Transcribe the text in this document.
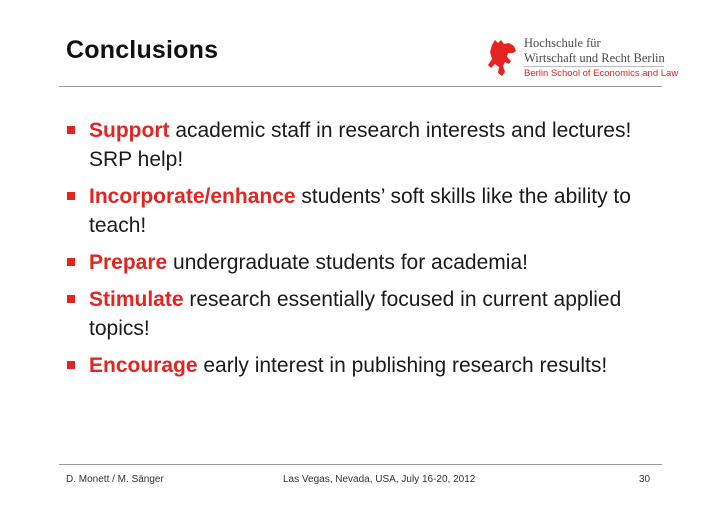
Conclusions	Hochschule für
Wirtschaft und Recht Berlin
Berlin School of Economics and Law
Support academic staff in research interests and lectures! SRP help!
Incorporate/enhance students’ soft skills like the ability to teach!
Prepare undergraduate students for academia!
Stimulate research essentially focused in current applied topics!
Encourage early interest in publishing research results!
D. Monett / M. Sänger	Las Vegas, Nevada, USA, July 16-20, 2012	30
